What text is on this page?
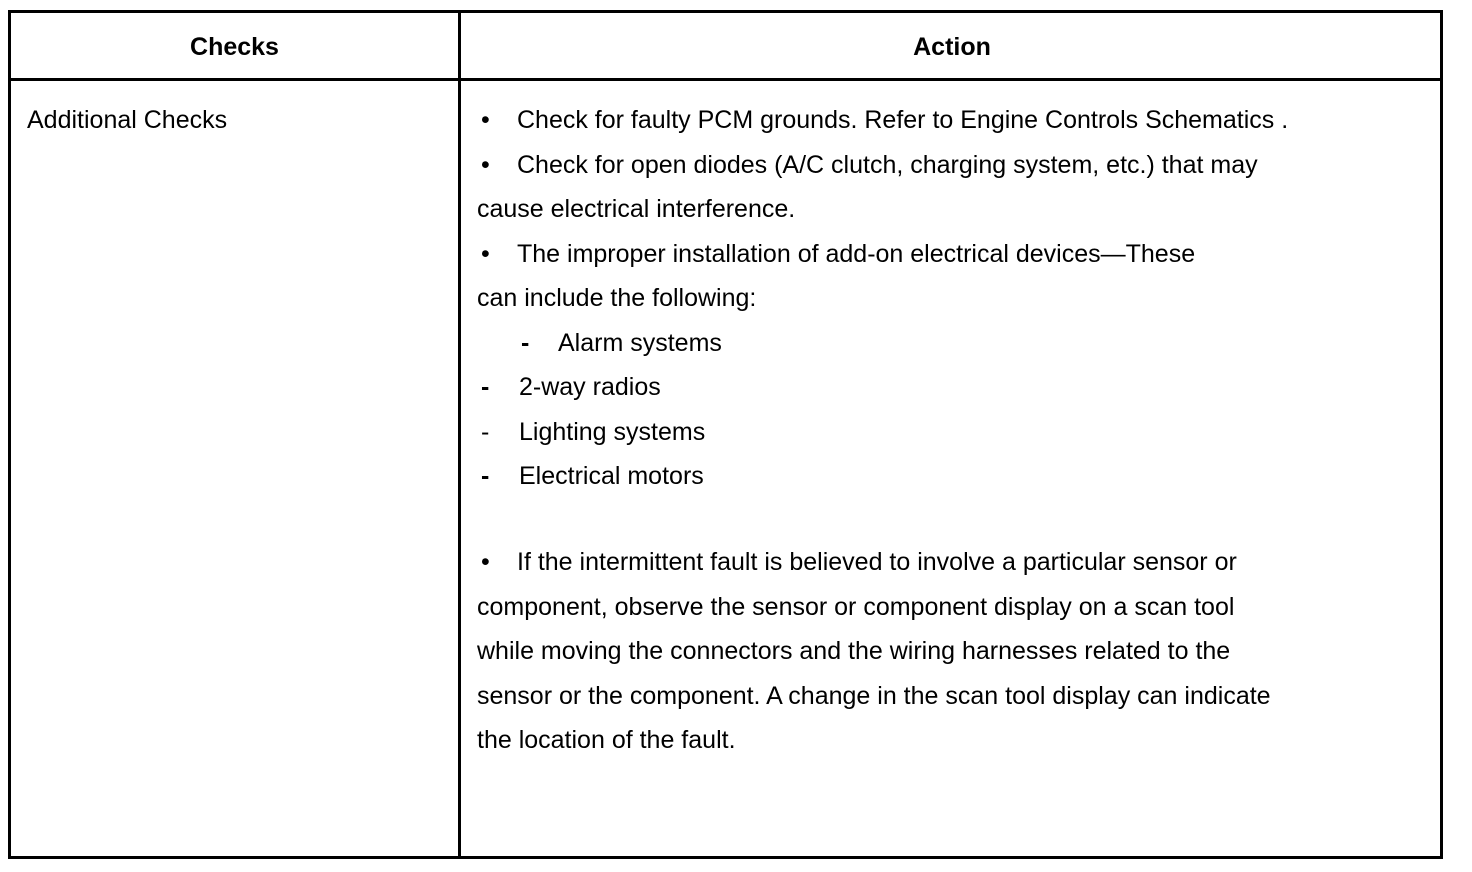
Checks	Action
Additional Checks	• Check for faulty PCM grounds. Refer to Engine Controls Schematics .
• Check for open diodes (A/C clutch, charging system, etc.) that may
cause electrical interference.
• The improper installation of add-on electrical devices—These
can include the following:
- Alarm systems
- 2-way radios
- Lighting systems
- Electrical motors
• If the intermittent fault is believed to involve a particular sensor or
component, observe the sensor or component display on a scan tool
while moving the connectors and the wiring harnesses related to the
sensor or the component. A change in the scan tool display can indicate
the location of the fault.
